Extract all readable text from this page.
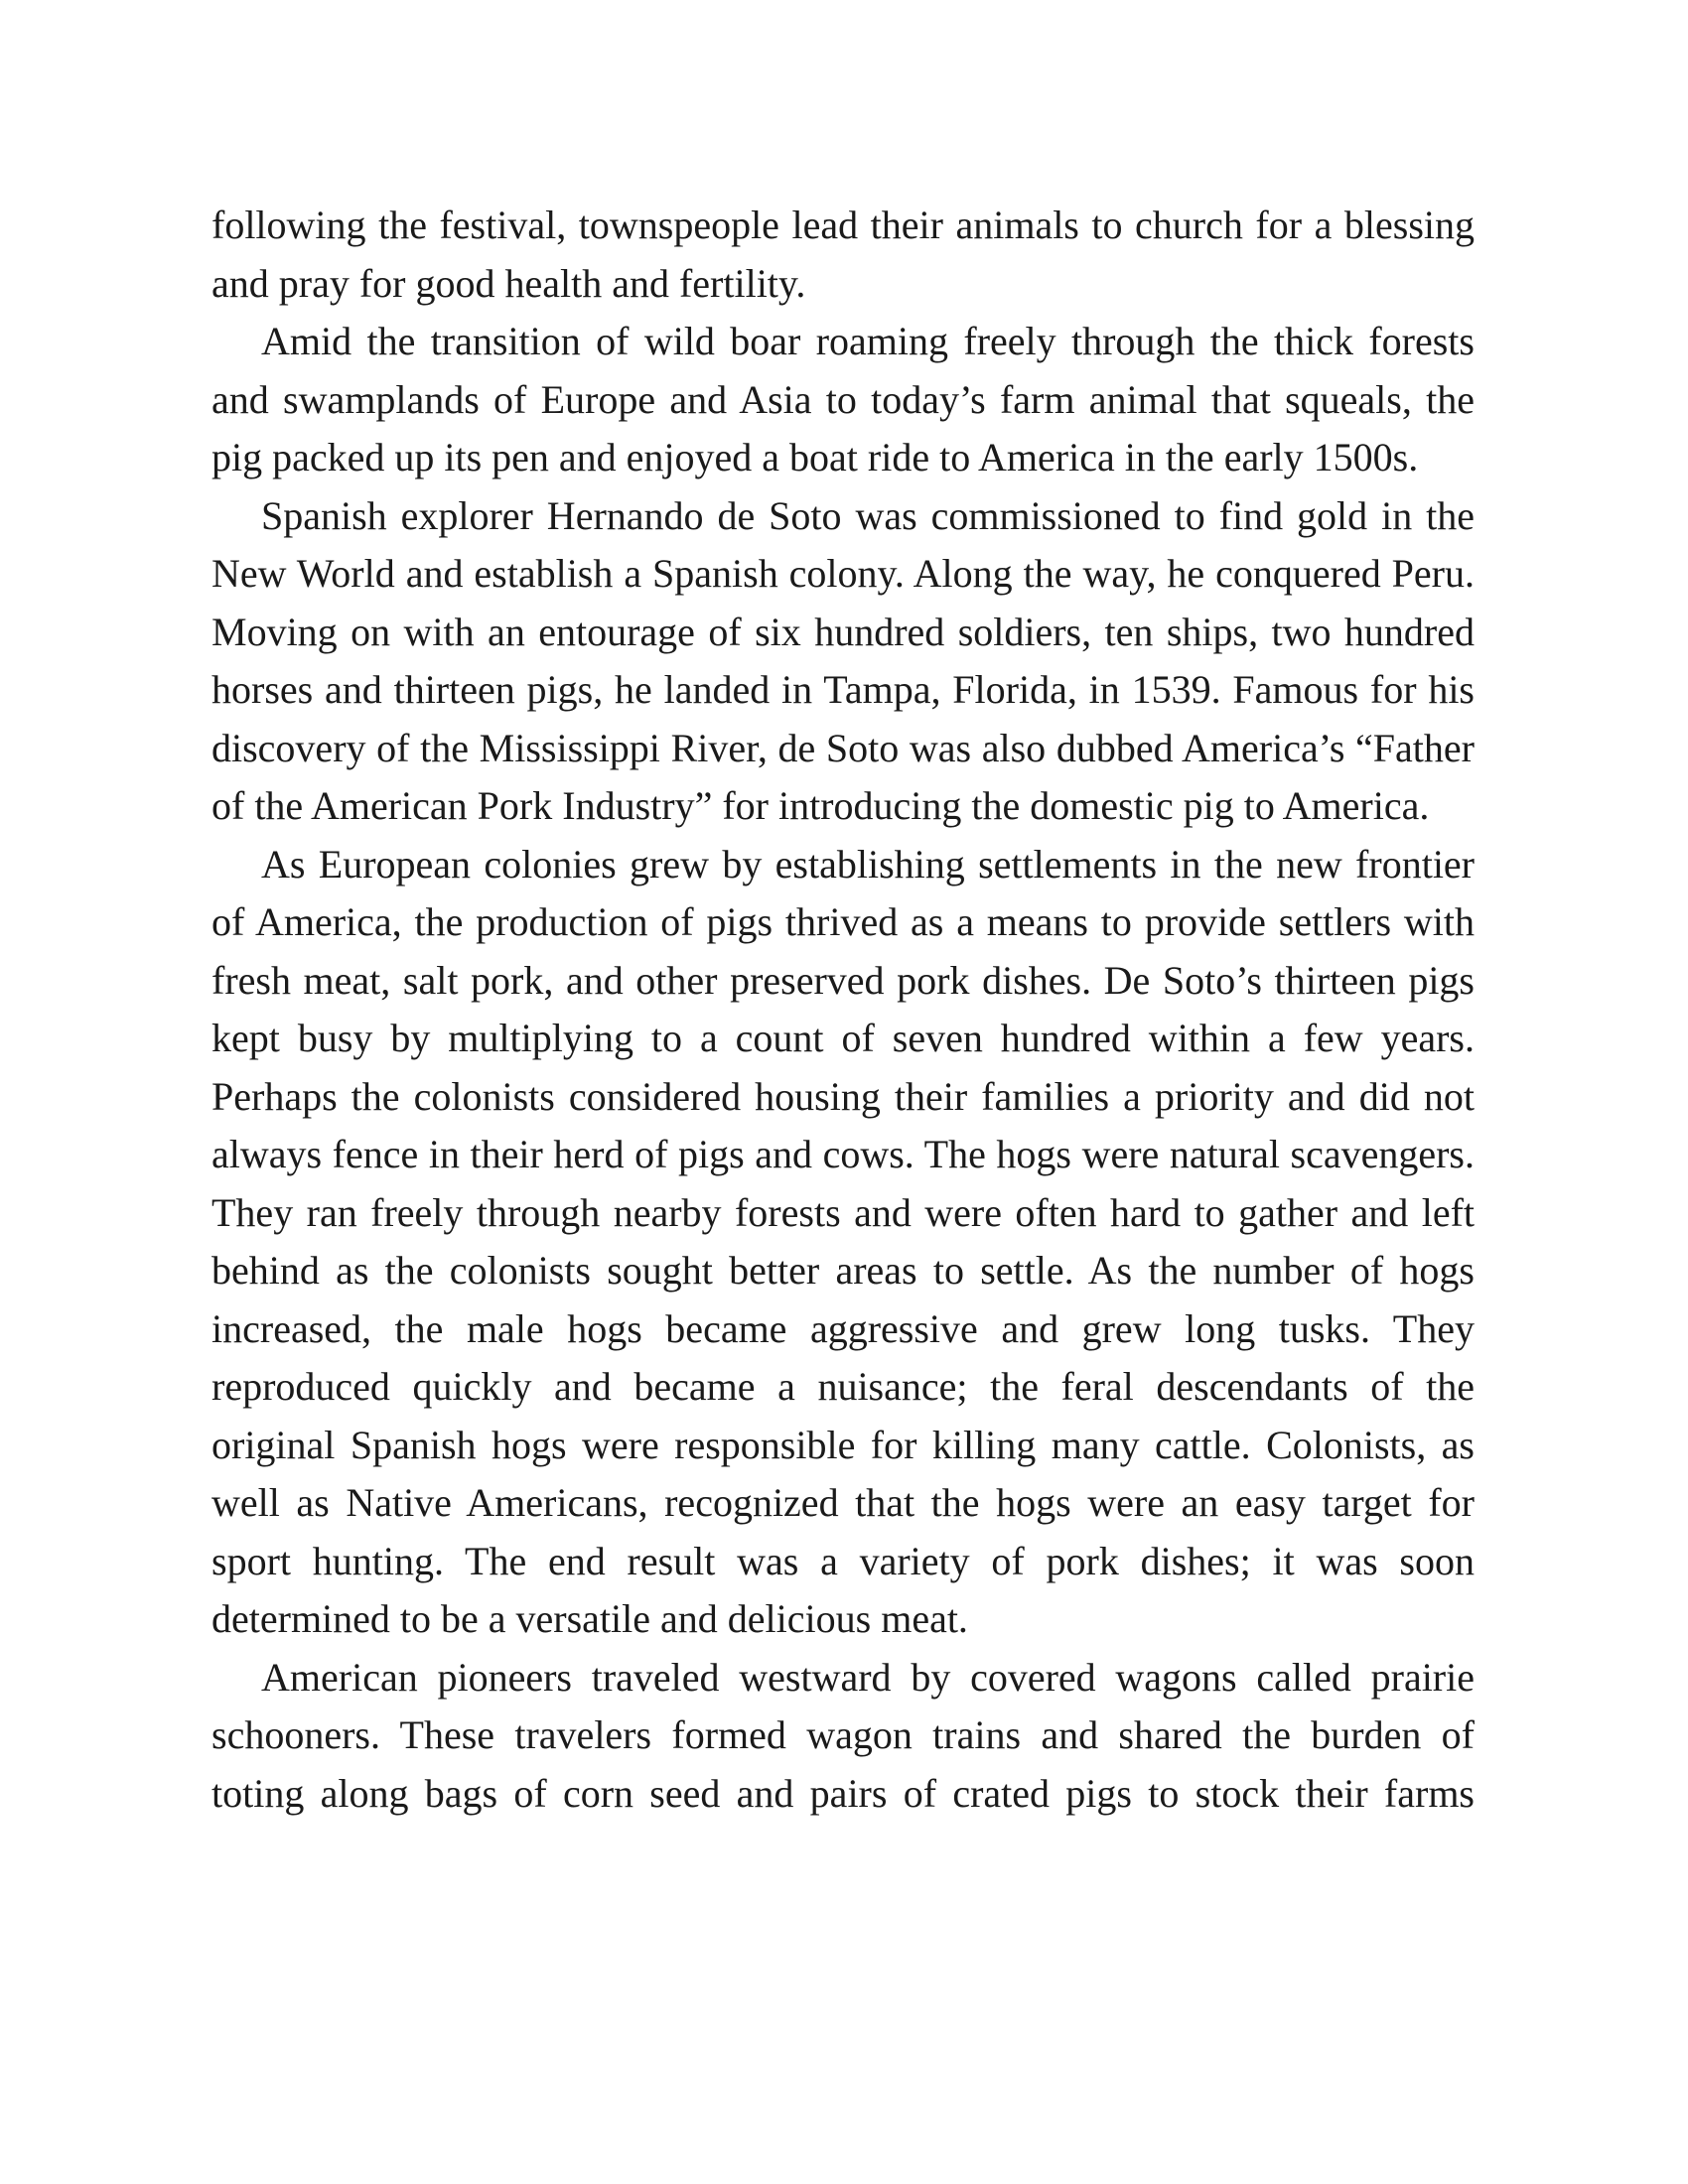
following the festival, townspeople lead their animals to church for a blessing and pray for good health and fertility.

Amid the transition of wild boar roaming freely through the thick forests and swamplands of Europe and Asia to today’s farm animal that squeals, the pig packed up its pen and enjoyed a boat ride to America in the early 1500s.

Spanish explorer Hernando de Soto was commissioned to find gold in the New World and establish a Spanish colony. Along the way, he conquered Peru. Moving on with an entourage of six hundred soldiers, ten ships, two hundred horses and thirteen pigs, he landed in Tampa, Florida, in 1539. Famous for his discovery of the Mississippi River, de Soto was also dubbed America’s “Father of the American Pork Industry” for introducing the domestic pig to America.

As European colonies grew by establishing settlements in the new frontier of America, the production of pigs thrived as a means to provide settlers with fresh meat, salt pork, and other preserved pork dishes. De Soto’s thirteen pigs kept busy by multiplying to a count of seven hundred within a few years. Perhaps the colonists considered housing their families a priority and did not always fence in their herd of pigs and cows. The hogs were natural scavengers. They ran freely through nearby forests and were often hard to gather and left behind as the colonists sought better areas to settle. As the number of hogs increased, the male hogs became aggressive and grew long tusks. They reproduced quickly and became a nuisance; the feral descendants of the original Spanish hogs were responsible for killing many cattle. Colonists, as well as Native Americans, recognized that the hogs were an easy target for sport hunting. The end result was a variety of pork dishes; it was soon determined to be a versatile and delicious meat.

American pioneers traveled westward by covered wagons called prairie schooners. These travelers formed wagon trains and shared the burden of toting along bags of corn seed and pairs of crated pigs to stock their farms
